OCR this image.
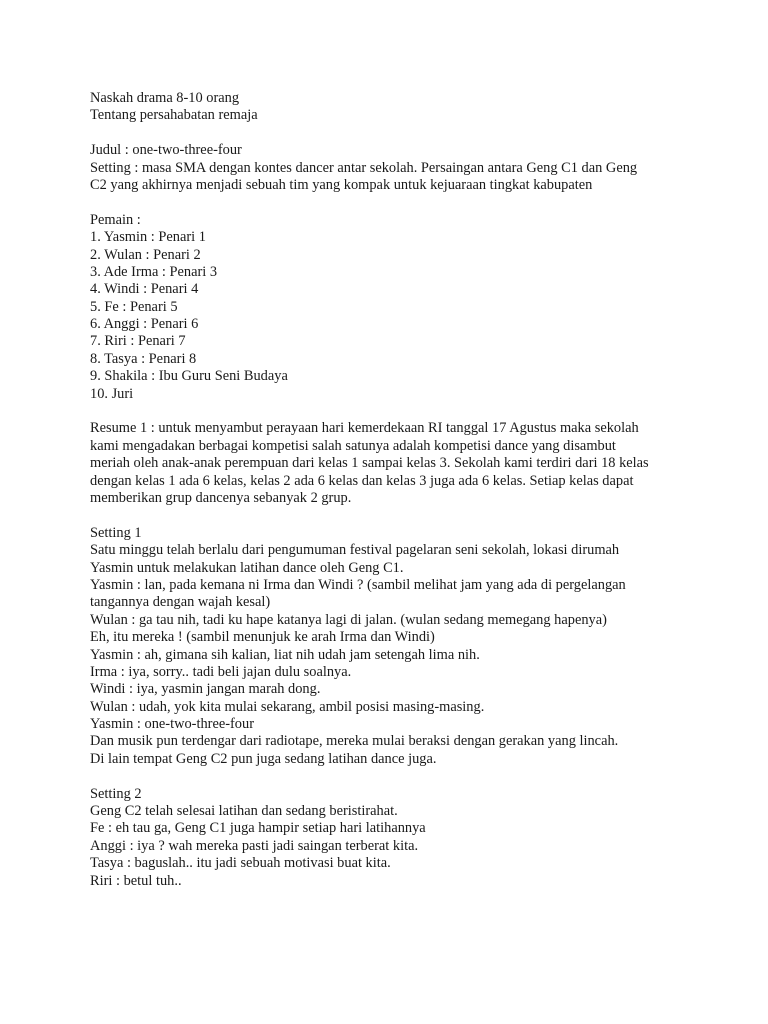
Naskah drama 8-10 orang
Tentang persahabatan remaja
Judul : one-two-three-four
Setting : masa SMA dengan kontes dancer antar sekolah. Persaingan antara Geng C1 dan Geng
C2 yang akhirnya menjadi sebuah tim yang kompak untuk kejuaraan tingkat kabupaten
Pemain :
1. Yasmin : Penari 1
2. Wulan : Penari 2
3. Ade Irma : Penari 3
4. Windi : Penari 4
5. Fe : Penari 5
6. Anggi : Penari 6
7. Riri : Penari 7
8. Tasya : Penari 8
9. Shakila : Ibu Guru Seni Budaya
10. Juri
Resume 1 : untuk menyambut perayaan hari kemerdekaan RI tanggal 17 Agustus maka sekolah
kami mengadakan berbagai kompetisi salah satunya adalah kompetisi dance yang disambut
meriah oleh anak-anak perempuan dari kelas 1 sampai kelas 3. Sekolah kami terdiri dari 18 kelas
dengan kelas 1 ada 6 kelas, kelas 2 ada 6 kelas dan kelas 3 juga ada 6 kelas. Setiap kelas dapat
memberikan grup dancenya sebanyak 2 grup.
Setting 1
Satu minggu telah berlalu dari pengumuman festival pagelaran seni sekolah, lokasi dirumah
Yasmin untuk melakukan latihan dance oleh Geng C1.
Yasmin : lan, pada kemana ni Irma dan Windi ? (sambil melihat jam yang ada di pergelangan
tangannya dengan wajah kesal)
Wulan : ga tau nih, tadi ku hape katanya lagi di jalan. (wulan sedang memegang hapenya)
Eh, itu mereka ! (sambil menunjuk ke arah Irma dan Windi)
Yasmin : ah, gimana sih kalian, liat nih udah jam setengah lima nih.
Irma : iya, sorry.. tadi beli jajan dulu soalnya.
Windi : iya, yasmin jangan marah dong.
Wulan : udah, yok kita mulai sekarang, ambil posisi masing-masing.
Yasmin : one-two-three-four
Dan musik pun terdengar dari radiotape, mereka mulai beraksi dengan gerakan yang lincah.
Di lain tempat Geng C2 pun juga sedang latihan dance juga.
Setting 2
Geng C2 telah selesai latihan dan sedang beristirahat.
Fe : eh tau ga, Geng C1 juga hampir setiap hari latihannya
Anggi : iya ? wah mereka pasti jadi saingan terberat kita.
Tasya : baguslah.. itu jadi sebuah motivasi buat kita.
Riri : betul tuh..
